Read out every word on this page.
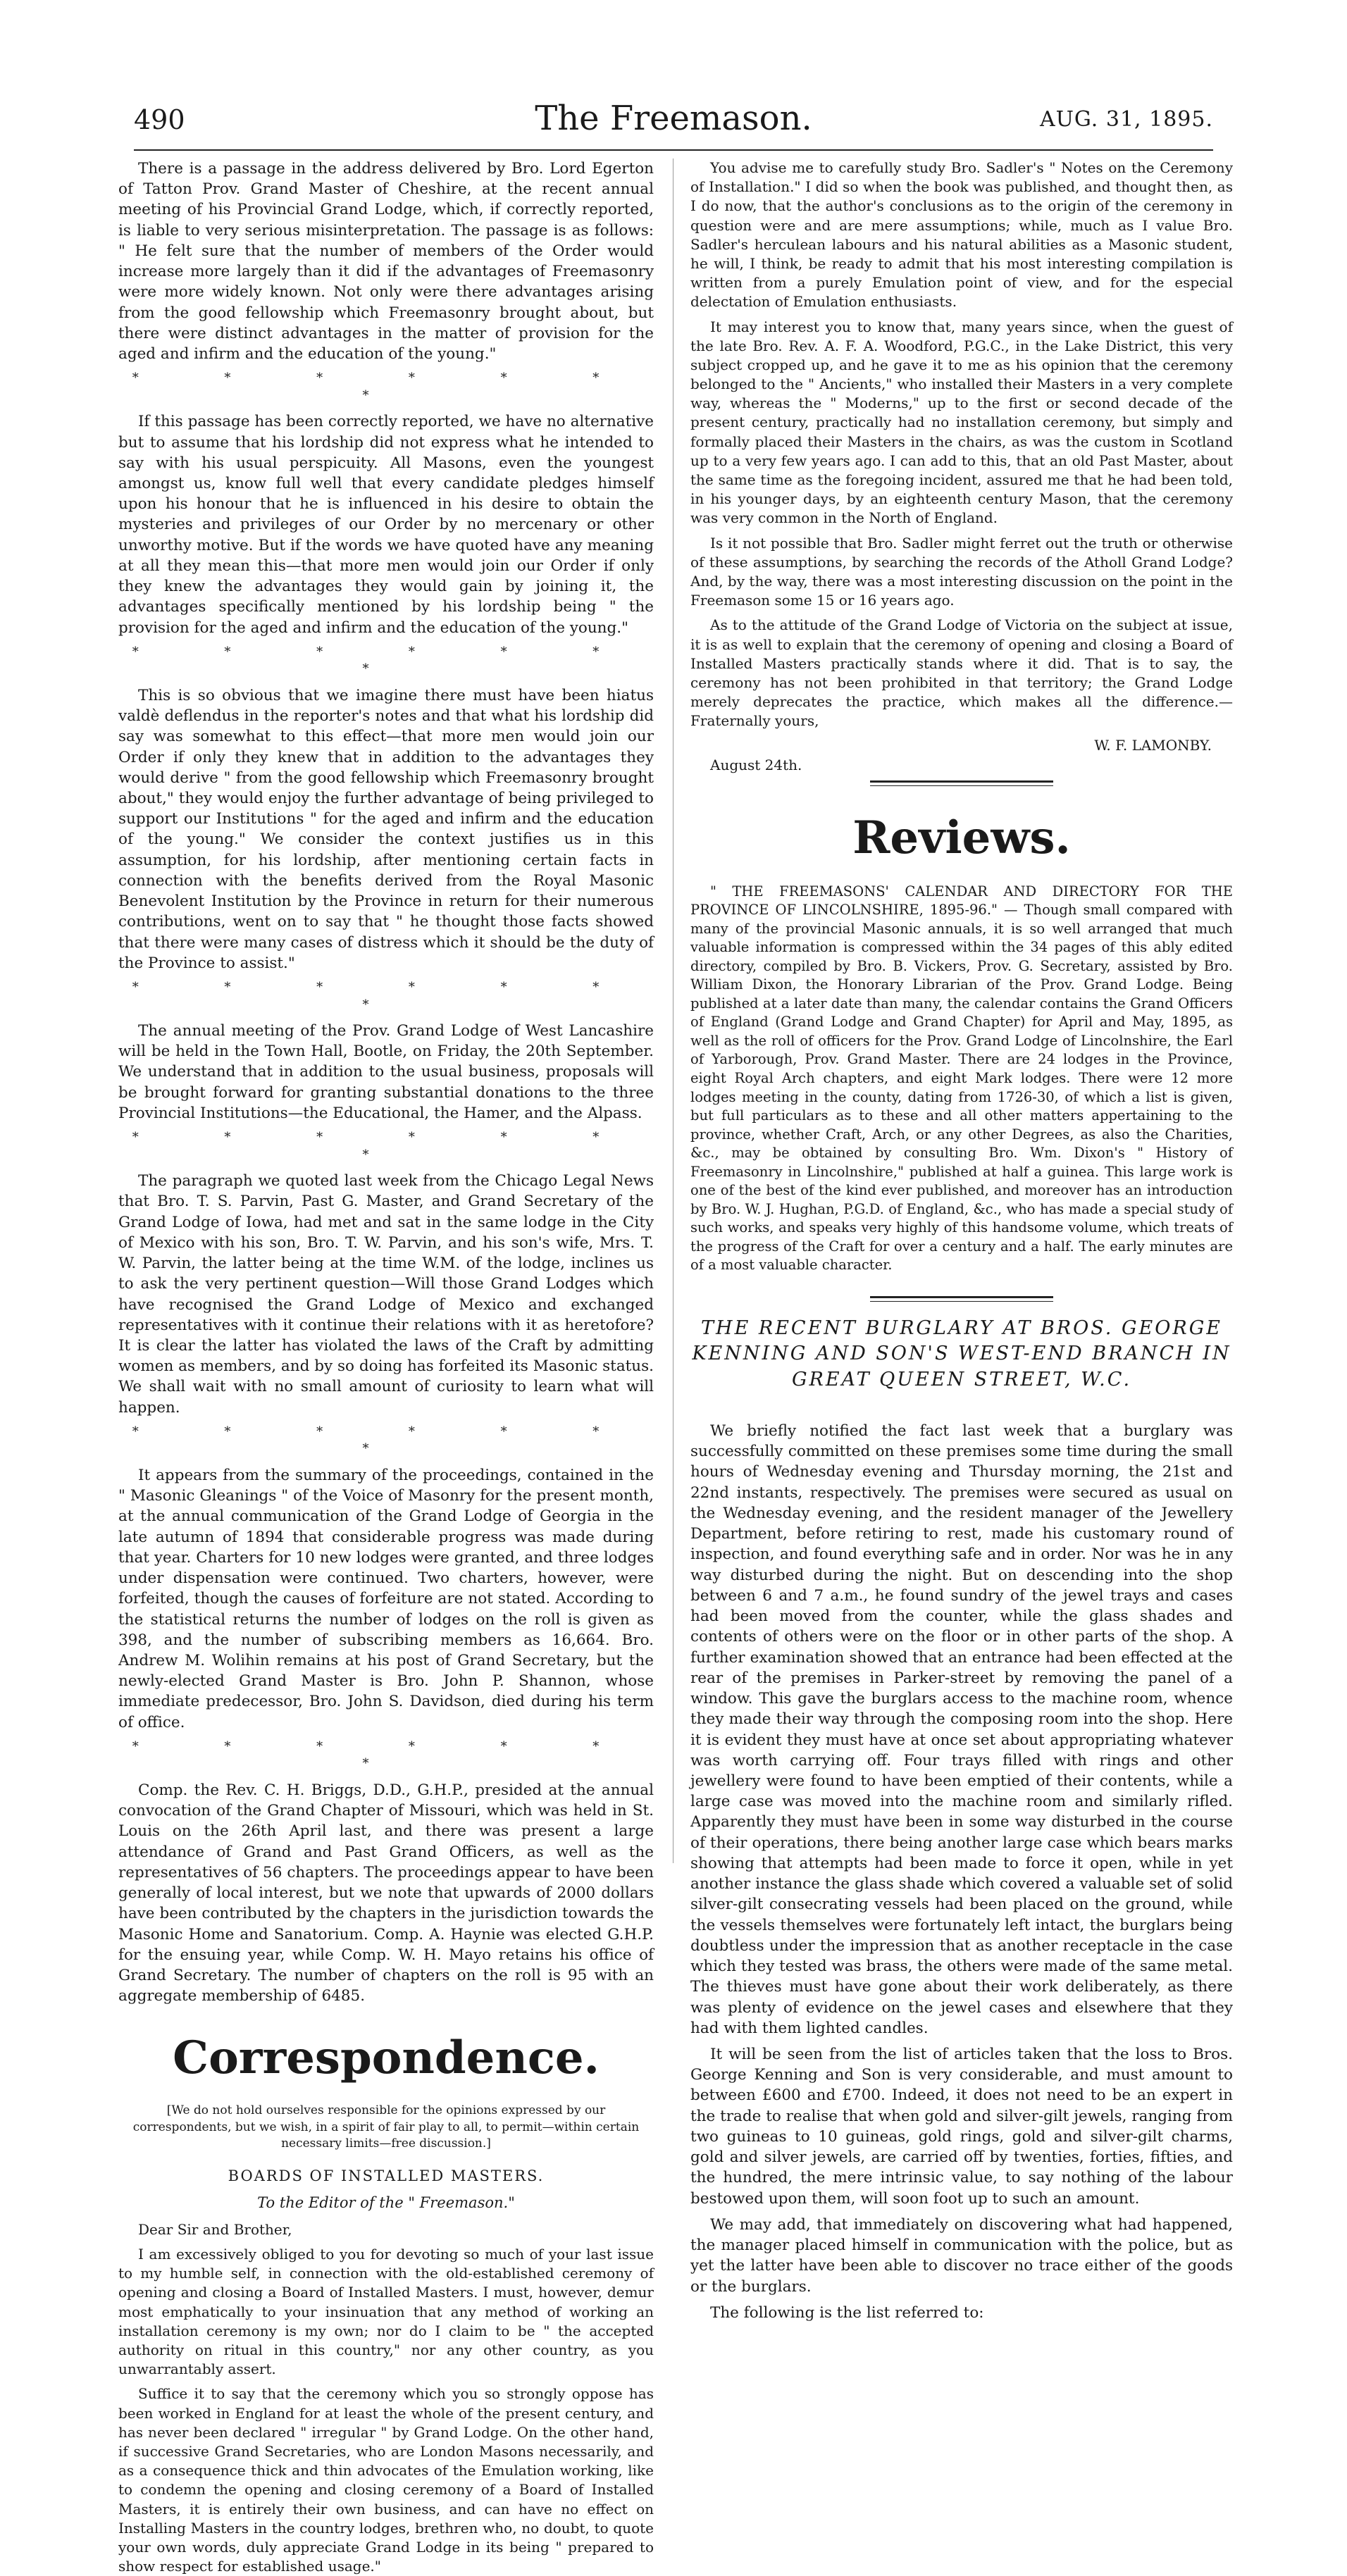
490	The Freemason.	AUG. 31, 1895.

There is a passage in the address delivered by Bro. Lord Egerton of Tatton Prov. Grand Master of Cheshire, at the recent annual meeting of his Provincial Grand Lodge, which, if correctly reported, is liable to very serious misinterpretation. The passage is as follows: " He felt sure that the number of members of the Order would increase more largely than it did if the advantages of Freemasonry were more widely known. Not only were there advantages arising from the good fellowship which Freemasonry brought about, but there were distinct advantages in the matter of provision for the aged and infirm and the education of the young."

* * * * * * *

If this passage has been correctly reported, we have no alternative but to assume that his lordship did not express what he intended to say with his usual perspicuity. All Masons, even the youngest amongst us, know full well that every candidate pledges himself upon his honour that he is influenced in his desire to obtain the mysteries and privileges of our Order by no mercenary or other unworthy motive. But if the words we have quoted have any meaning at all they mean this—that more men would join our Order if only they knew the advantages they would gain by joining it, the advantages specifically mentioned by his lordship being " the provision for the aged and infirm and the education of the young."

* * * * * * *

This is so obvious that we imagine there must have been hiatus valdè deflendus in the reporter's notes and that what his lordship did say was somewhat to this effect—that more men would join our Order if only they knew that in addition to the advantages they would derive " from the good fellowship which Freemasonry brought about," they would enjoy the further advantage of being privileged to support our Institutions " for the aged and infirm and the education of the young." We consider the context justifies us in this assumption, for his lordship, after mentioning certain facts in connection with the benefits derived from the Royal Masonic Benevolent Institution by the Province in return for their numerous contributions, went on to say that " he thought those facts showed that there were many cases of distress which it should be the duty of the Province to assist."

* * * * * * *

The annual meeting of the Prov. Grand Lodge of West Lancashire will be held in the Town Hall, Bootle, on Friday, the 20th September. We understand that in addition to the usual business, proposals will be brought forward for granting substantial donations to the three Provincial Institutions—the Educational, the Hamer, and the Alpass.

* * * * * * *

The paragraph we quoted last week from the Chicago Legal News that Bro. T. S. Parvin, Past G. Master, and Grand Secretary of the Grand Lodge of Iowa, had met and sat in the same lodge in the City of Mexico with his son, Bro. T. W. Parvin, and his son's wife, Mrs. T. W. Parvin, the latter being at the time W.M. of the lodge, inclines us to ask the very pertinent question—Will those Grand Lodges which have recognised the Grand Lodge of Mexico and exchanged representatives with it continue their relations with it as heretofore? It is clear the latter has violated the laws of the Craft by admitting women as members, and by so doing has forfeited its Masonic status. We shall wait with no small amount of curiosity to learn what will happen.

* * * * * * *

It appears from the summary of the proceedings, contained in the " Masonic Gleanings " of the Voice of Masonry for the present month, at the annual communication of the Grand Lodge of Georgia in the late autumn of 1894 that considerable progress was made during that year. Charters for 10 new lodges were granted, and three lodges under dispensation were continued. Two charters, however, were forfeited, though the causes of forfeiture are not stated. According to the statistical returns the number of lodges on the roll is given as 398, and the number of subscribing members as 16,664. Bro. Andrew M. Wolihin remains at his post of Grand Secretary, but the newly-elected Grand Master is Bro. John P. Shannon, whose immediate predecessor, Bro. John S. Davidson, died during his term of office.

* * * * * * *

Comp. the Rev. C. H. Briggs, D.D., G.H.P., presided at the annual convocation of the Grand Chapter of Missouri, which was held in St. Louis on the 26th April last, and there was present a large attendance of Grand and Past Grand Officers, as well as the representatives of 56 chapters. The proceedings appear to have been generally of local interest, but we note that upwards of 2000 dollars have been contributed by the chapters in the jurisdiction towards the Masonic Home and Sanatorium. Comp. A. Haynie was elected G.H.P. for the ensuing year, while Comp. W. H. Mayo retains his office of Grand Secretary. The number of chapters on the roll is 95 with an aggregate membership of 6485.

Correspondence.
[We do not hold ourselves responsible for the opinions expressed by our correspondents, but we wish, in a spirit of fair play to all, to permit—within certain necessary limits—free discussion.]
BOARDS OF INSTALLED MASTERS.
To the Editor of the " Freemason."

Dear Sir and Brother,

I am excessively obliged to you for devoting so much of your last issue to my humble self, in connection with the old-established ceremony of opening and closing a Board of Installed Masters. I must, however, demur most emphatically to your insinuation that any method of working an installation ceremony is my own; nor do I claim to be " the accepted authority on ritual in this country," nor any other country, as you unwarrantably assert.

Suffice it to say that the ceremony which you so strongly oppose has been worked in England for at least the whole of the present century, and has never been declared " irregular " by Grand Lodge. On the other hand, if successive Grand Secretaries, who are London Masons necessarily, and as a consequence thick and thin advocates of the Emulation working, like to condemn the opening and closing ceremony of a Board of Installed Masters, it is entirely their own business, and can have no effect on Installing Masters in the country lodges, brethren who, no doubt, to quote your own words, duly appreciate Grand Lodge in its being " prepared to show respect for established usage."

You advise me to carefully study Bro. Sadler's " Notes on the Ceremony of Installation." I did so when the book was published, and thought then, as I do now, that the author's conclusions as to the origin of the ceremony in question were and are mere assumptions; while, much as I value Bro. Sadler's herculean labours and his natural abilities as a Masonic student, he will, I think, be ready to admit that his most interesting compilation is written from a purely Emulation point of view, and for the especial delectation of Emulation enthusiasts.

It may interest you to know that, many years since, when the guest of the late Bro. Rev. A. F. A. Woodford, P.G.C., in the Lake District, this very subject cropped up, and he gave it to me as his opinion that the ceremony belonged to the " Ancients," who installed their Masters in a very complete way, whereas the " Moderns," up to the first or second decade of the present century, practically had no installation ceremony, but simply and formally placed their Masters in the chairs, as was the custom in Scotland up to a very few years ago. I can add to this, that an old Past Master, about the same time as the foregoing incident, assured me that he had been told, in his younger days, by an eighteenth century Mason, that the ceremony was very common in the North of England.

Is it not possible that Bro. Sadler might ferret out the truth or otherwise of these assumptions, by searching the records of the Atholl Grand Lodge? And, by the way, there was a most interesting discussion on the point in the Freemason some 15 or 16 years ago.

As to the attitude of the Grand Lodge of Victoria on the subject at issue, it is as well to explain that the ceremony of opening and closing a Board of Installed Masters practically stands where it did. That is to say, the ceremony has not been prohibited in that territory; the Grand Lodge merely deprecates the practice, which makes all the difference.—Fraternally yours,

W. F. LAMONBY.

August 24th.

Reviews.

" THE FREEMASONS' CALENDAR AND DIRECTORY FOR THE PROVINCE OF LINCOLNSHIRE, 1895-96." — Though small compared with many of the provincial Masonic annuals, it is so well arranged that much valuable information is compressed within the 34 pages of this ably edited directory, compiled by Bro. B. Vickers, Prov. G. Secretary, assisted by Bro. William Dixon, the Honorary Librarian of the Prov. Grand Lodge. Being published at a later date than many, the calendar contains the Grand Officers of England (Grand Lodge and Grand Chapter) for April and May, 1895, as well as the roll of officers for the Prov. Grand Lodge of Lincolnshire, the Earl of Yarborough, Prov. Grand Master. There are 24 lodges in the Province, eight Royal Arch chapters, and eight Mark lodges. There were 12 more lodges meeting in the county, dating from 1726-30, of which a list is given, but full particulars as to these and all other matters appertaining to the province, whether Craft, Arch, or any other Degrees, as also the Charities, &c., may be obtained by consulting Bro. Wm. Dixon's " History of Freemasonry in Lincolnshire," published at half a guinea. This large work is one of the best of the kind ever published, and moreover has an introduction by Bro. W. J. Hughan, P.G.D. of England, &c., who has made a special study of such works, and speaks very highly of this handsome volume, which treats of the progress of the Craft for over a century and a half. The early minutes are of a most valuable character.

THE RECENT BURGLARY AT BROS. GEORGE KENNING AND SON'S WEST-END BRANCH IN GREAT QUEEN STREET, W.C.

We briefly notified the fact last week that a burglary was successfully committed on these premises some time during the small hours of Wednesday evening and Thursday morning, the 21st and 22nd instants, respectively. The premises were secured as usual on the Wednesday evening, and the resident manager of the Jewellery Department, before retiring to rest, made his customary round of inspection, and found everything safe and in order. Nor was he in any way disturbed during the night. But on descending into the shop between 6 and 7 a.m., he found sundry of the jewel trays and cases had been moved from the counter, while the glass shades and contents of others were on the floor or in other parts of the shop. A further examination showed that an entrance had been effected at the rear of the premises in Parker-street by removing the panel of a window. This gave the burglars access to the machine room, whence they made their way through the composing room into the shop. Here it is evident they must have at once set about appropriating whatever was worth carrying off. Four trays filled with rings and other jewellery were found to have been emptied of their contents, while a large case was moved into the machine room and similarly rifled. Apparently they must have been in some way disturbed in the course of their operations, there being another large case which bears marks showing that attempts had been made to force it open, while in yet another instance the glass shade which covered a valuable set of solid silver-gilt consecrating vessels had been placed on the ground, while the vessels themselves were fortunately left intact, the burglars being doubtless under the impression that as another receptacle in the case which they tested was brass, the others were made of the same metal. The thieves must have gone about their work deliberately, as there was plenty of evidence on the jewel cases and elsewhere that they had with them lighted candles.

It will be seen from the list of articles taken that the loss to Bros. George Kenning and Son is very considerable, and must amount to between £600 and £700. Indeed, it does not need to be an expert in the trade to realise that when gold and silver-gilt jewels, ranging from two guineas to 10 guineas, gold rings, gold and silver-gilt charms, gold and silver jewels, are carried off by twenties, forties, fifties, and the hundred, the mere intrinsic value, to say nothing of the labour bestowed upon them, will soon foot up to such an amount.

We may add, that immediately on discovering what had happened, the manager placed himself in communication with the police, but as yet the latter have been able to discover no trace either of the goods or the burglars.

The following is the list referred to:
